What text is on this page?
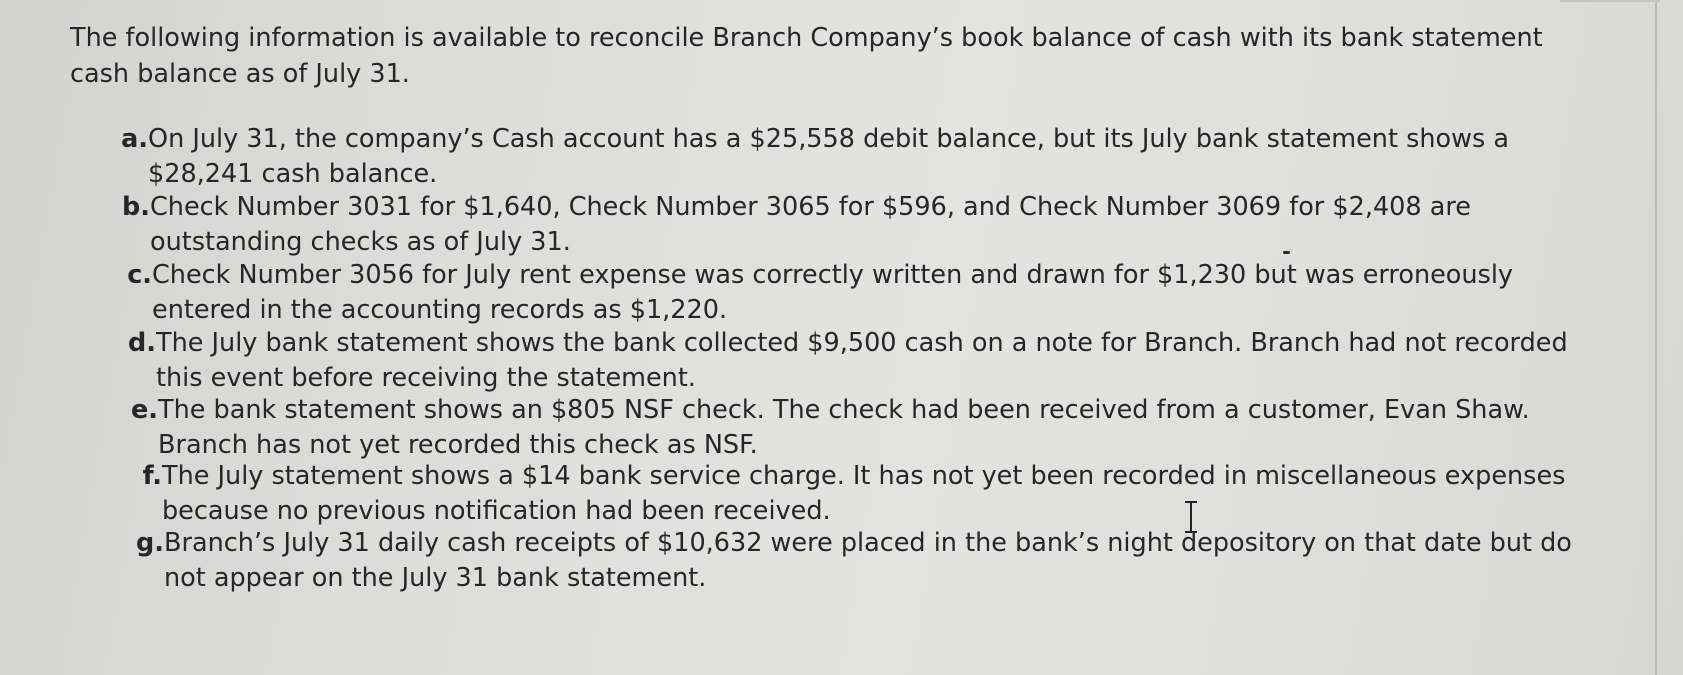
The following information is available to reconcile Branch Company’s book balance of cash with its bank statement cash balance as of July 31.

a. On July 31, the company’s Cash account has a $25,558 debit balance, but its July bank statement shows a $28,241 cash balance.
b. Check Number 3031 for $1,640, Check Number 3065 for $596, and Check Number 3069 for $2,408 are outstanding checks as of July 31.
c. Check Number 3056 for July rent expense was correctly written and drawn for $1,230 but was erroneously entered in the accounting records as $1,220.
d. The July bank statement shows the bank collected $9,500 cash on a note for Branch. Branch had not recorded this event before receiving the statement.
e. The bank statement shows an $805 NSF check. The check had been received from a customer, Evan Shaw. Branch has not yet recorded this check as NSF.
f. The July statement shows a $14 bank service charge. It has not yet been recorded in miscellaneous expenses because no previous notification had been received.
g. Branch’s July 31 daily cash receipts of $10,632 were placed in the bank’s night depository on that date but do not appear on the July 31 bank statement.
